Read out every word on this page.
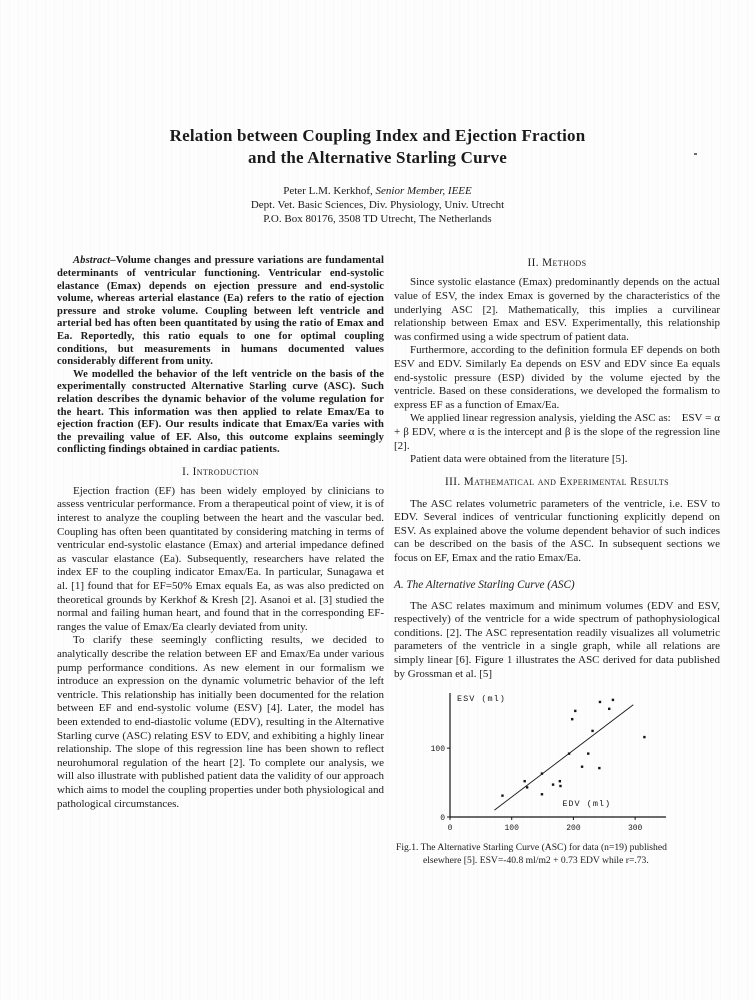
Relation between Coupling Index and Ejection Fraction
and the Alternative Starling Curve
Peter L.M. Kerkhof, Senior Member, IEEE
Dept. Vet. Basic Sciences, Div. Physiology, Univ. Utrecht
P.O. Box 80176, 3508 TD Utrecht, The Netherlands

Abstract–Volume changes and pressure variations are fundamental determinants of ventricular functioning. Ventricular end-systolic elastance (Emax) depends on ejection pressure and end-systolic volume, whereas arterial elastance (Ea) refers to the ratio of ejection pressure and stroke volume. Coupling between left ventricle and arterial bed has often been quantitated by using the ratio of Emax and Ea. Reportedly, this ratio equals to one for optimal coupling conditions, but measurements in humans documented values considerably different from unity.

We modelled the behavior of the left ventricle on the basis of the experimentally constructed Alternative Starling curve (ASC). Such relation describes the dynamic behavior of the volume regulation for the heart. This information was then applied to relate Emax/Ea to ejection fraction (EF). Our results indicate that Emax/Ea varies with the prevailing value of EF. Also, this outcome explains seemingly conflicting findings obtained in cardiac patients.

I. Introduction

Ejection fraction (EF) has been widely employed by clinicians to assess ventricular performance. From a therapeutical point of view, it is of interest to analyze the coupling between the heart and the vascular bed. Coupling has often been quantitated by considering matching in terms of ventricular end-systolic elastance (Emax) and arterial impedance defined as vascular elastance (Ea). Subsequently, researchers have related the index EF to the coupling indicator Emax/Ea. In particular, Sunagawa et al. [1] found that for EF=50% Emax equals Ea, as was also predicted on theoretical grounds by Kerkhof & Kresh [2]. Asanoi et al. [3] studied the normal and failing human heart, and found that in the corresponding EF-ranges the value of Emax/Ea clearly deviated from unity.

To clarify these seemingly conflicting results, we decided to analytically describe the relation between EF and Emax/Ea under various pump performance conditions. As new element in our formalism we introduce an expression on the dynamic volumetric behavior of the left ventricle. This relationship has initially been documented for the relation between EF and end-systolic volume (ESV) [4]. Later, the model has been extended to end-diastolic volume (EDV), resulting in the Alternative Starling curve (ASC) relating ESV to EDV, and exhibiting a highly linear relationship. The slope of this regression line has been shown to reflect neurohumoral regulation of the heart [2]. To complete our analysis, we will also illustrate with published patient data the validity of our approach which aims to model the coupling properties under both physiological and pathological circumstances.

II. Methods

Since systolic elastance (Emax) predominantly depends on the actual value of ESV, the index Emax is governed by the characteristics of the underlying ASC [2]. Mathematically, this implies a curvilinear relationship between Emax and ESV. Experimentally, this relationship was confirmed using a wide spectrum of patient data.

Furthermore, according to the definition formula EF depends on both ESV and EDV. Similarly Ea depends on ESV and EDV since Ea equals end-systolic pressure (ESP) divided by the volume ejected by the ventricle. Based on these considerations, we developed the formalism to express EF as a function of Emax/Ea.

We applied linear regression analysis, yielding the ASC as: ESV = α + β EDV, where α is the intercept and β is the slope of the regression line [2].

Patient data were obtained from the literature [5].

III. Mathematical and Experimental Results

The ASC relates volumetric parameters of the ventricle, i.e. ESV to EDV. Several indices of ventricular functioning explicitly depend on ESV. As explained above the volume dependent behavior of such indices can be described on the basis of the ASC. In subsequent sections we focus on EF, Emax and the ratio Emax/Ea.

A. The Alternative Starling Curve (ASC)

The ASC relates maximum and minimum volumes (EDV and ESV, respectively) of the ventricle for a wide spectrum of pathophysiological conditions. [2]. The ASC representation readily visualizes all volumetric parameters of the ventricle in a single graph, while all relations are simply linear [6]. Figure 1 illustrates the ASC derived for data published by Grossman et al. [5]

0	100	200	300
0
100
ESV (ml)
EDV (ml)
Fig.1. The Alternative Starling Curve (ASC) for data (n=19) published
elsewhere [5]. ESV=-40.8 ml/m2 + 0.73 EDV while r=.73.
